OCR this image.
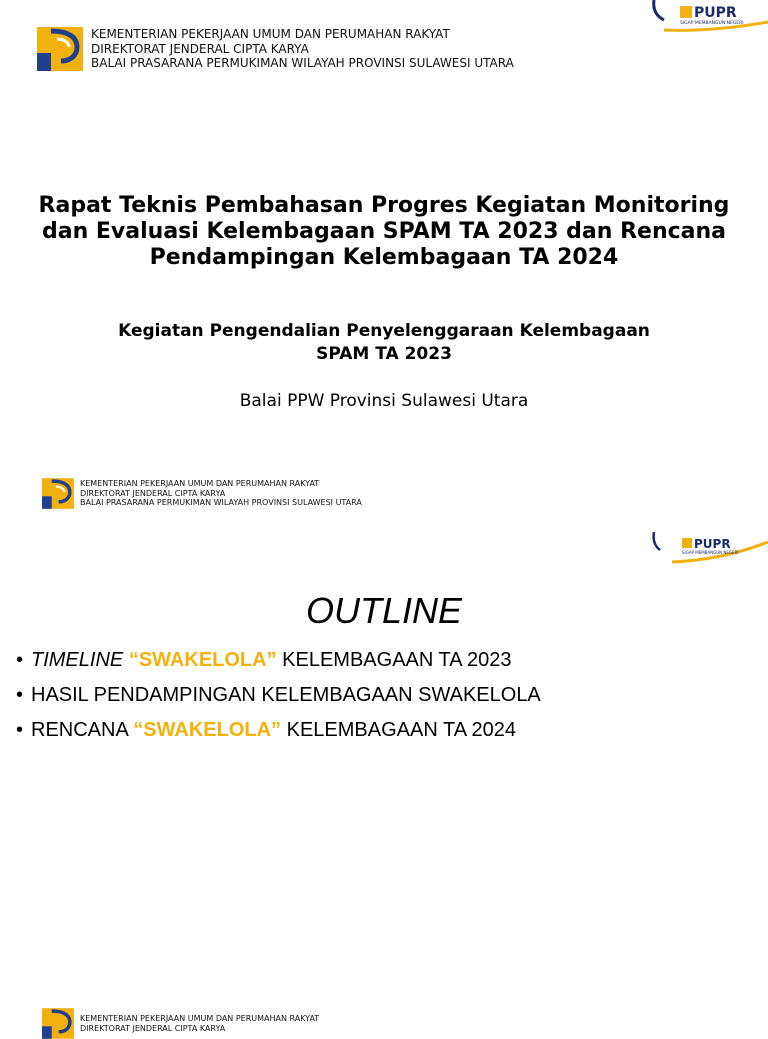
KEMENTERIAN PEKERJAAN UMUM DAN PERUMAHAN RAKYAT
DIREKTORAT JENDERAL CIPTA KARYA
BALAI PRASARANA PERMUKIMAN WILAYAH PROVINSI SULAWESI UTARA
PUPR
SIGAP MEMBANGUN NEGERI
Rapat Teknis Pembahasan Progres Kegiatan Monitoring
dan Evaluasi Kelembagaan SPAM TA 2023 dan Rencana
Pendampingan Kelembagaan TA 2024
Kegiatan Pengendalian Penyelenggaraan Kelembagaan
SPAM TA 2023
Balai PPW Provinsi Sulawesi Utara
KEMENTERIAN PEKERJAAN UMUM DAN PERUMAHAN RAKYAT
DIREKTORAT JENDERAL CIPTA KARYA
BALAI PRASARANA PERMUKIMAN WILAYAH PROVINSI SULAWESI UTARA
PUPR
SIGAP MEMBANGUN NEGERI
OUTLINE
• TIMELINE “SWAKELOLA” KELEMBAGAAN TA 2023
• HASIL PENDAMPINGAN KELEMBAGAAN SWAKELOLA
• RENCANA “SWAKELOLA” KELEMBAGAAN TA 2024
KEMENTERIAN PEKERJAAN UMUM DAN PERUMAHAN RAKYAT
DIREKTORAT JENDERAL CIPTA KARYA
